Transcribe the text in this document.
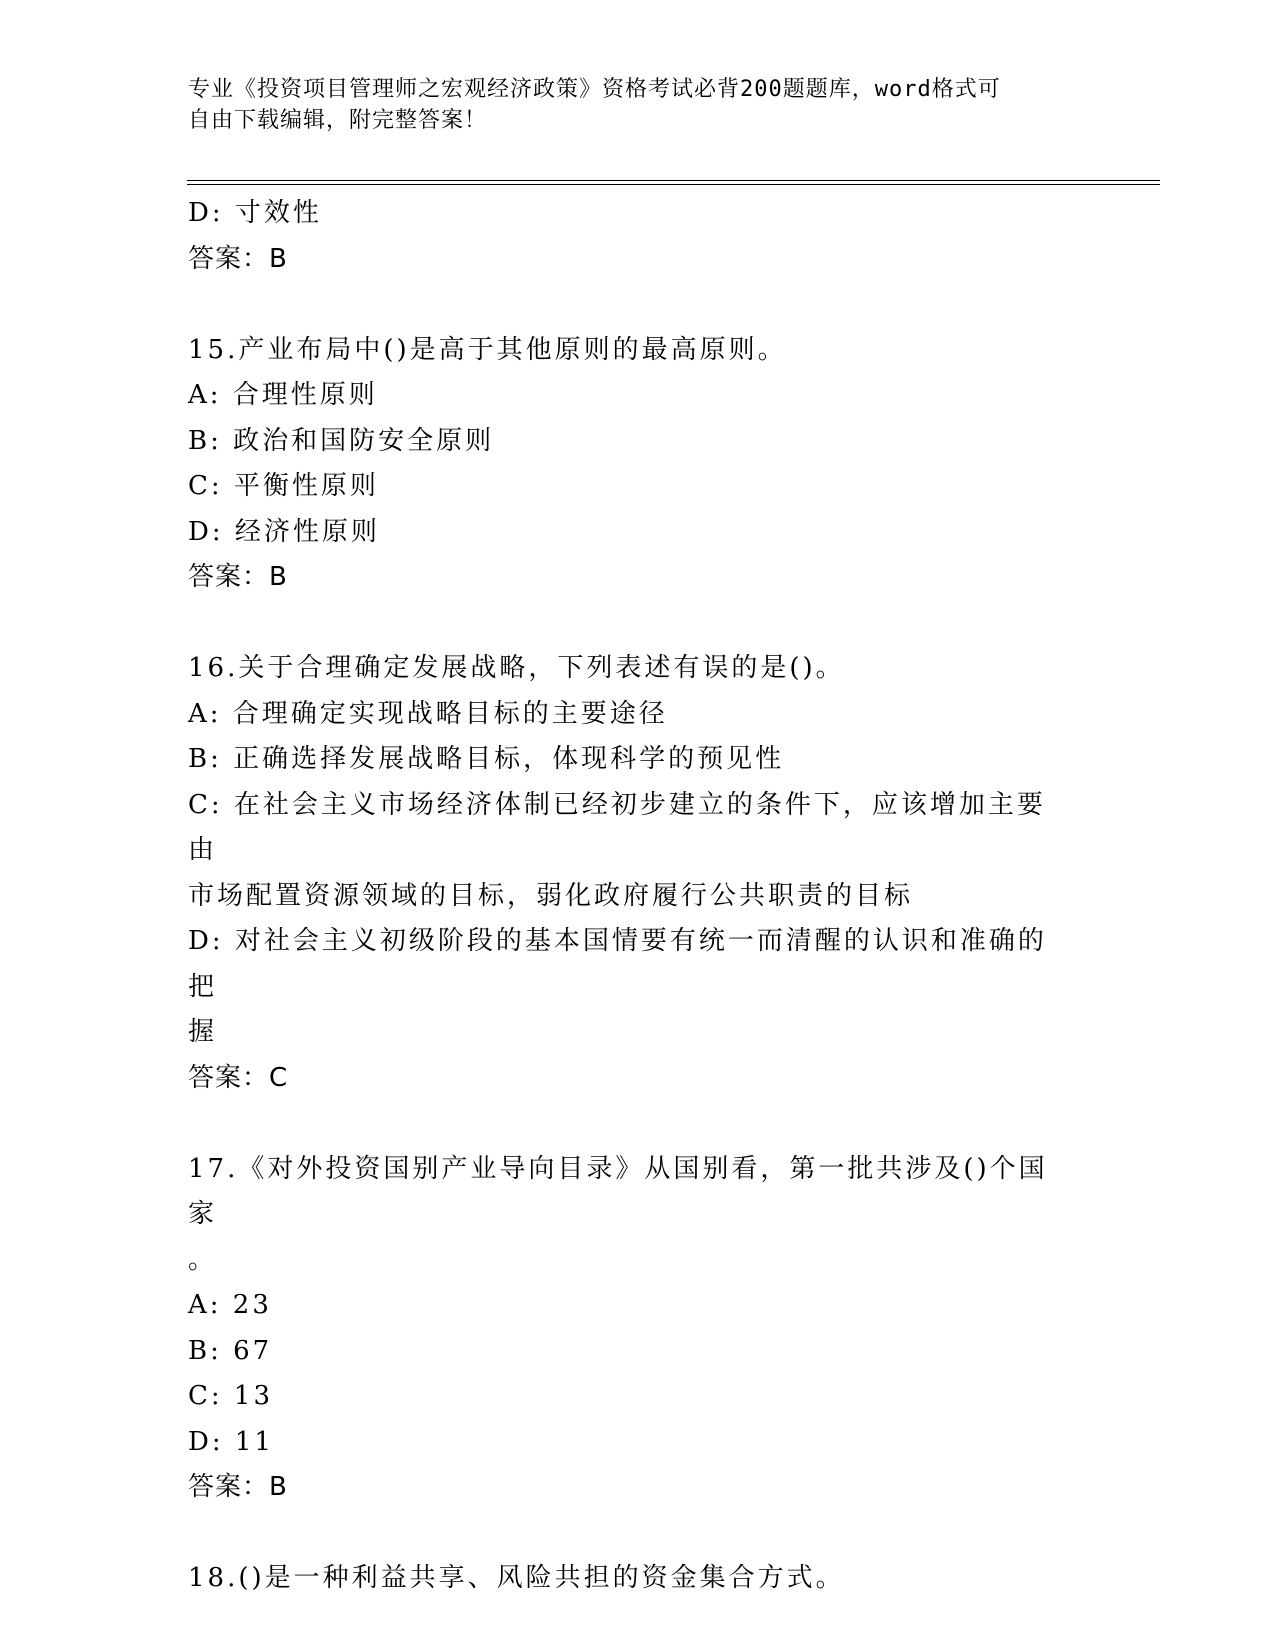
专业《投资项目管理师之宏观经济政策》资格考试必背200题题库，word格式可
自由下载编辑，附完整答案！
D: 寸效性
答案：B
15.产业布局中()是高于其他原则的最高原则。
A: 合理性原则
B: 政治和国防安全原则
C: 平衡性原则
D: 经济性原则
答案：B
16.关于合理确定发展战略，下列表述有误的是()。
A: 合理确定实现战略目标的主要途径
B: 正确选择发展战略目标，体现科学的预见性
C: 在社会主义市场经济体制已经初步建立的条件下，应该增加主要由
市场配置资源领域的目标，弱化政府履行公共职责的目标
D: 对社会主义初级阶段的基本国情要有统一而清醒的认识和准确的把
握
答案：C
17.《对外投资国别产业导向目录》从国别看，第一批共涉及()个国家
。
A: 23
B: 67
C: 13
D: 11
答案：B
18.()是一种利益共享、风险共担的资金集合方式。
